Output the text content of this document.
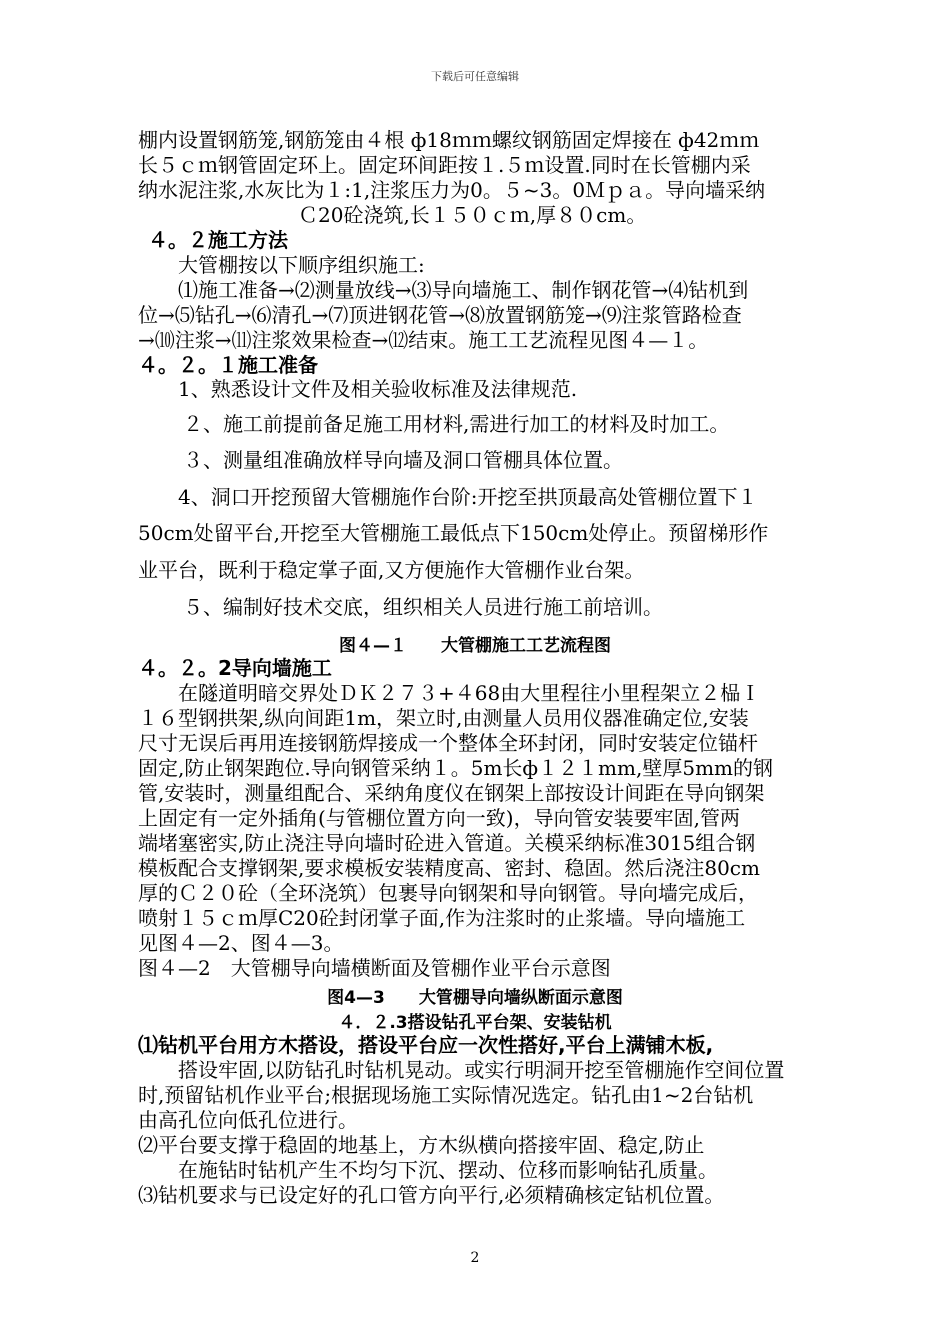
下载后可任意编辑
棚内设置钢筋笼,钢筋笼由４根 ф18ｍｍ螺纹钢筋固定焊接在 ф42ｍｍ
长５ｃｍ钢管固定环上。固定环间距按１.５ｍ设置.同时在长管棚内采
纳水泥注浆,水灰比为１:1,注浆压力为0。５~3。0Ｍｐａ。导向墙采纳
Ｃ20砼浇筑,长１５０ｃｍ,厚８０cm。
４。２施工方法
大管棚按以下顺序组织施工:
⑴施工准备→⑵测量放线→⑶导向墙施工、制作钢花管→⑷钻机到
位→⑸钻孔→⑹清孔→⑺顶进钢花管→⑻放置钢筋笼→⑼注浆管路检查
→⑽注浆→⑾注浆效果检查→⑿结束。施工工艺流程见图４—１。
４。２。１施工准备
1、熟悉设计文件及相关验收标准及法律规范.
２、施工前提前备足施工用材料,需进行加工的材料及时加工。
３、测量组准确放样导向墙及洞口管棚具体位置。
4、洞口开挖预留大管棚施作台阶:开挖至拱顶最高处管棚位置下１
50cm处留平台,开挖至大管棚施工最低点下150cm处停止。预留梯形作
业平台，既利于稳定掌子面,又方便施作大管棚作业台架。
５、编制好技术交底，组织相关人员进行施工前培训。
图４—１　　大管棚施工工艺流程图
４。２。2导向墙施工
在隧道明暗交界处ＤＫ２７３+４68由大里程往小里程架立２榀Ｉ
１６型钢拱架,纵向间距1m，架立时,由测量人员用仪器准确定位,安装
尺寸无误后再用连接钢筋焊接成一个整体全环封闭，同时安装定位锚杆
固定,防止钢架跑位.导向钢管采纳１。5m长ф１２１mm,壁厚5mm的钢
管,安装时，测量组配合、采纳角度仪在钢架上部按设计间距在导向钢架
上固定有一定外插角(与管棚位置方向一致)，导向管安装要牢固,管两
端堵塞密实,防止浇注导向墙时砼进入管道。关模采纳标准3015组合钢
模板配合支撑钢架,要求模板安装精度高、密封、稳固。然后浇注80cm
厚的Ｃ２０砼（全环浇筑）包裹导向钢架和导向钢管。导向墙完成后，
喷射１５ｃｍ厚C20砼封闭掌子面,作为注浆时的止浆墙。导向墙施工
见图４—2、图４—3。
图４—2　大管棚导向墙横断面及管棚作业平台示意图
图4—3　　大管棚导向墙纵断面示意图
４．２.3搭设钻孔平台架、安装钻机
⑴钻机平台用方木搭设，搭设平台应一次性搭好,平台上满铺木板,
搭设牢固,以防钻孔时钻机晃动。或实行明洞开挖至管棚施作空间位置
时,预留钻机作业平台;根据现场施工实际情况选定。钻孔由1~2台钻机
由高孔位向低孔位进行。
⑵平台要支撑于稳固的地基上，方木纵横向搭接牢固、稳定,防止
在施钻时钻机产生不均匀下沉、摆动、位移而影响钻孔质量。
⑶钻机要求与已设定好的孔口管方向平行,必须精确核定钻机位置。
2
